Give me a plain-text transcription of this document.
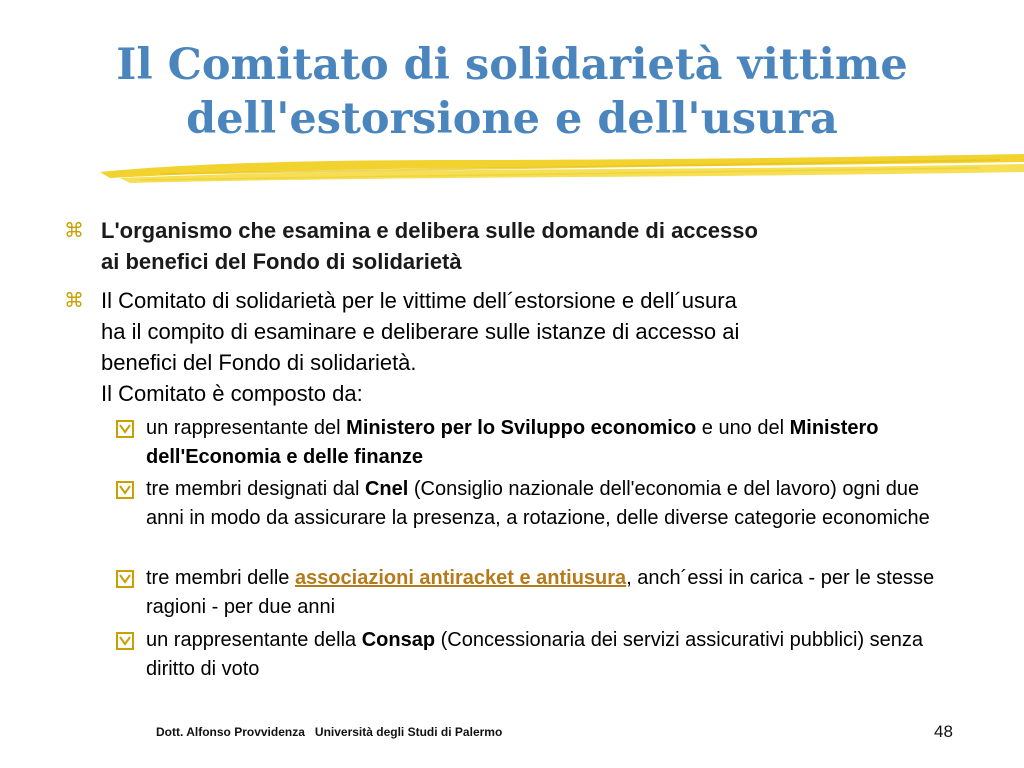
Il Comitato di solidarietà vittime
dell'estorsione e dell'usura
⌘ L'organismo che esamina e delibera sulle domande di accesso
ai benefici del Fondo di solidarietà
⌘ Il Comitato di solidarietà per le vittime dell´estorsione e dell´usura
ha il compito di esaminare e deliberare sulle istanze di accesso ai
benefici del Fondo di solidarietà.
Il Comitato è composto da:
un rappresentante del Ministero per lo Sviluppo economico e uno del Ministero dell'Economia e delle finanze
tre membri designati dal Cnel (Consiglio nazionale dell'economia e del lavoro) ogni due anni in modo da assicurare la presenza, a rotazione, delle diverse categorie economiche
tre membri delle associazioni antiracket e antiusura, anch´essi in carica - per le stesse ragioni - per due anni
un rappresentante della Consap (Concessionaria dei servizi assicurativi pubblici) senza diritto di voto
Dott. Alfonso Provvidenza Università degli Studi di Palermo	48
